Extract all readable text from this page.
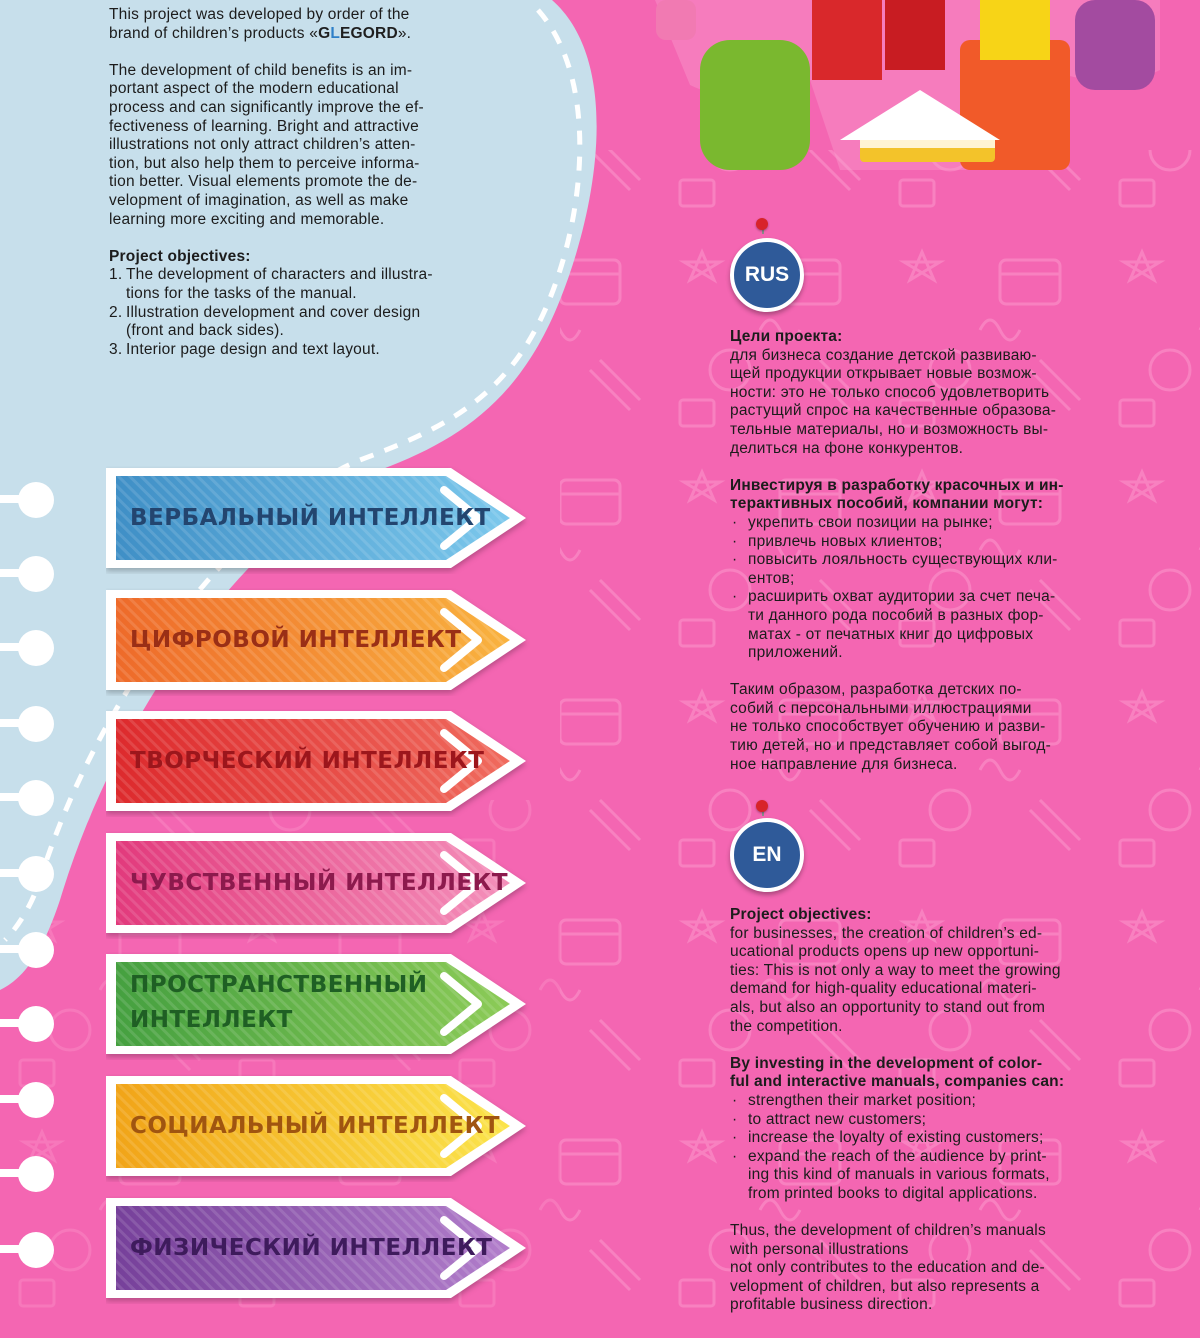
This project was developed by order of the

brand of children’s products «GLEGORD».

The development of child benefits is an im-

portant aspect of the modern educational

process and can significantly improve the ef-

fectiveness of learning. Bright and attractive

illustrations not only attract children’s atten-

tion, but also help them to perceive informa-

tion better. Visual elements promote the de-

velopment of imagination, as well as make

learning more exciting and memorable.

Project objectives:

1. The development of characters and illustra-
tions for the tasks of the manual.
2. Illustration development and cover design
(front and back sides).
3. Interior page design and text layout.
ВЕРБАЛЬНЫЙ ИНТЕЛЛЕКТ
ЦИФРОВОЙ ИНТЕЛЛЕКТ
ТВОРЧЕСКИЙ ИНТЕЛЛЕКТ
ЧУВСТВЕННЫЙ ИНТЕЛЛЕКТ
ПРОСТРАНСТВЕННЫЙ
ИНТЕЛЛЕКТ
СОЦИАЛЬНЫЙ ИНТЕЛЛЕКТ
ФИЗИЧЕСКИЙ ИНТЕЛЛЕКТ
RUS

Цели проекта:

для бизнеса создание детской развиваю-

щей продукции открывает новые возмож-

ности: это не только способ удовлетворить

растущий спрос на качественные образова-

тельные материалы, но и возможность вы-

делиться на фоне конкурентов.

Инвестируя в разработку красочных и ин-

терактивных пособий, компании могут:

· укрепить свои позиции на рынке;
· привлечь новых клиентов;
· повысить лояльность существующих кли-
ентов;
· расширить охват аудитории за счет печа-
ти данного рода пособий в разных фор-
матах - от печатных книг до цифровых
приложений.

Таким образом, разработка детских по-

собий с персональными иллюстрациями

не только способствует обучению и разви-

тию детей, но и представляет собой выгод-

ное направление для бизнеса.

EN

Project objectives:

for businesses, the creation of children’s ed-

ucational products opens up new opportuni-

ties: This is not only a way to meet the growing

demand for high-quality educational materi-

als, but also an opportunity to stand out from

the competition.

By investing in the development of color-

ful and interactive manuals, companies can:

· strengthen their market position;
· to attract new customers;
· increase the loyalty of existing customers;
· expand the reach of the audience by print-
ing this kind of manuals in various formats,
from printed books to digital applications.

Thus, the development of children’s manuals

with personal illustrations

not only contributes to the education and de-

velopment of children, but also represents a

profitable business direction.
